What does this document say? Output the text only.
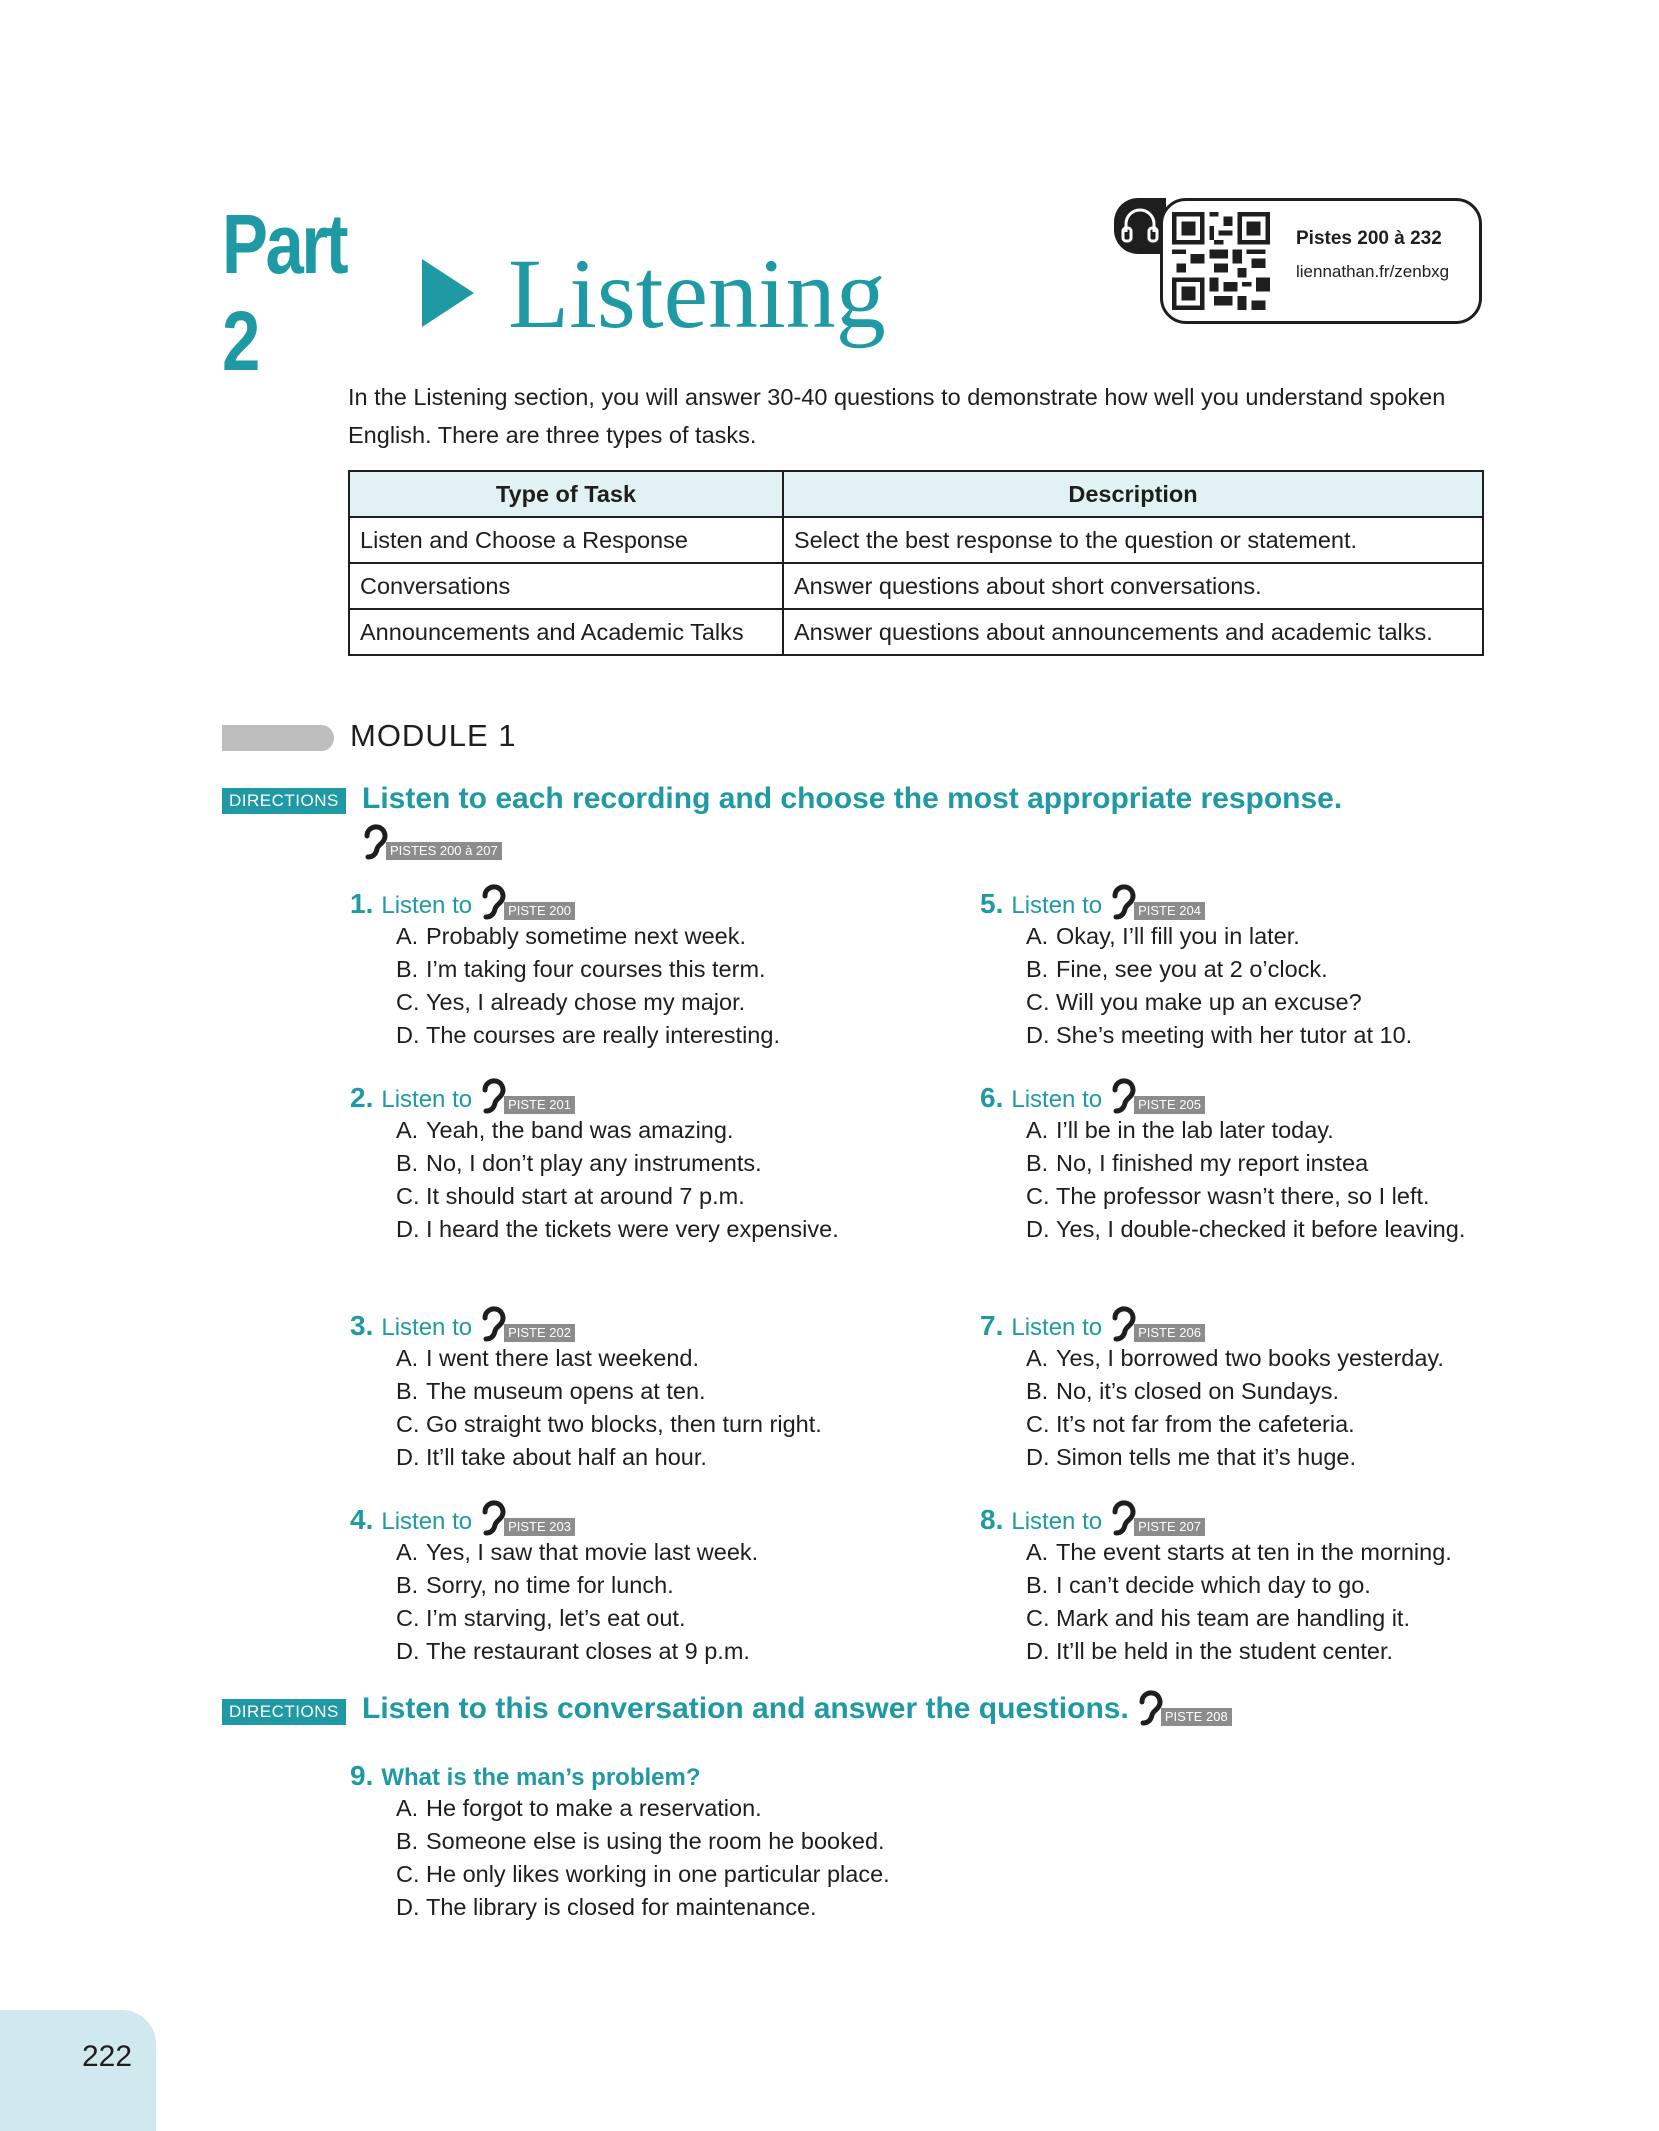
Part 2	Listening	Pistes 200 à 232
liennathan.fr/zenbxg
In the Listening section, you will answer 30-40 questions to demonstrate how well you understand spoken English. There are three types of tasks.
Type of Task	Description
Listen and Choose a Response	Select the best response to the question or statement.
Conversations	Answer questions about short conversations.
Announcements and Academic Talks	Answer questions about announcements and academic talks.
MODULE 1
DIRECTIONS Listen to each recording and choose the most appropriate response.
PISTES 200 à 207
1. Listen to	PISTE 200
A. Probably sometime next week.
B. I’m taking four courses this term.
C. Yes, I already chose my major.
D. The courses are really interesting.
2. Listen to	PISTE 201
A. Yeah, the band was amazing.
B. No, I don’t play any instruments.
C. It should start at around 7 p.m.
D. I heard the tickets were very expensive.
3. Listen to	PISTE 202
A. I went there last weekend.
B. The museum opens at ten.
C. Go straight two blocks, then turn right.
D. It’ll take about half an hour.
4. Listen to	PISTE 203
A. Yes, I saw that movie last week.
B. Sorry, no time for lunch.
C. I’m starving, let’s eat out.
D. The restaurant closes at 9 p.m.
5. Listen to	PISTE 204
A. Okay, I’ll fill you in later.
B. Fine, see you at 2 o’clock.
C. Will you make up an excuse?
D. She’s meeting with her tutor at 10.
6. Listen to	PISTE 205
A. I’ll be in the lab later today.
B. No, I finished my report instea
C. The professor wasn’t there, so I left.
D. Yes, I double-checked it before leaving.
7. Listen to	PISTE 206
A. Yes, I borrowed two books yesterday.
B. No, it’s closed on Sundays.
C. It’s not far from the cafeteria.
D. Simon tells me that it’s huge.
8. Listen to	PISTE 207
A. The event starts at ten in the morning.
B. I can’t decide which day to go.
C. Mark and his team are handling it.
D. It’ll be held in the student center.
DIRECTIONS Listen to this conversation and answer the questions.	PISTE 208
9. What is the man’s problem?
A. He forgot to make a reservation.
B. Someone else is using the room he booked.
C. He only likes working in one particular place.
D. The library is closed for maintenance.
222
